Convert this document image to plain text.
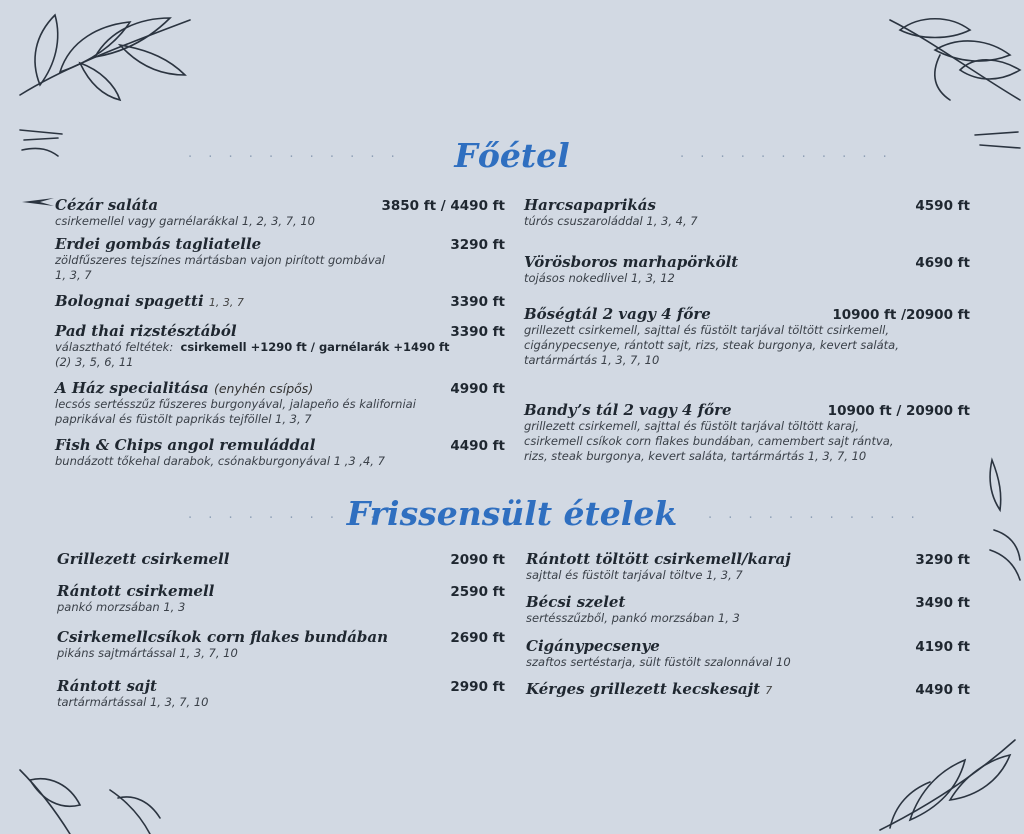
· · · · · · · · · · ·	Főétel	· · · · · · · · · · ·
Cézár saláta	3850 ft / 4490 ft
csirkemellel vagy garnélarákkal 1, 2, 3, 7, 10
Erdei gombás tagliatelle	3290 ft
zöldfűszeres tejszínes mártásban vajon pirított gombával
1, 3, 7
Bolognai spagetti 1, 3, 7	3390 ft
Pad thai rizstésztából	3390 ft
választható feltétek: csirkemell +1290 ft / garnélarák +1490 ft
(2) 3, 5, 6, 11
A Ház specialitása (enyhén csípős)	4990 ft
lecsós sertésszűz fűszeres burgonyával, jalapeño és kaliforniai
paprikával és füstölt paprikás tejföllel 1, 3, 7
Fish & Chips angol remuláddal	4490 ft
bundázott tőkehal darabok, csónakburgonyával 1 ,3 ,4, 7
Harcsapaprikás	4590 ft
túrós csuszaroláddal 1, 3, 4, 7
Vörösboros marhapörkölt	4690 ft
tojásos nokedlivel 1, 3, 12
Bőségtál 2 vagy 4 főre	10900 ft /20900 ft
grillezett csirkemell, sajttal és füstölt tarjával töltött csirkemell,
cigánypecsenye, rántott sajt, rizs, steak burgonya, kevert saláta,
tartármártás 1, 3, 7, 10
Bandy’s tál 2 vagy 4 főre	10900 ft / 20900 ft
grillezett csirkemell, sajttal és füstölt tarjával töltött karaj,
csirkemell csíkok corn flakes bundában, camembert sajt rántva,
rizs, steak burgonya, kevert saláta, tartármártás 1, 3, 7, 10
· · · · · · · · · · ·
Frissensült ételek	· · · · · · · · · · ·
Grillezett csirkemell	2090 ft
Rántott csirkemell	2590 ft
pankó morzsában 1, 3
Csirkemellcsíkok corn flakes bundában	2690 ft
pikáns sajtmártással 1, 3, 7, 10
Rántott sajt	2990 ft
tartármártással 1, 3, 7, 10
Rántott töltött csirkemell/karaj	3290 ft
sajttal és füstölt tarjával töltve 1, 3, 7
Bécsi szelet	3490 ft
sertésszűzből, pankó morzsában 1, 3
Cigánypecsenye	4190 ft
szaftos sertéstarja, sült füstölt szalonnával 10
Kérges grillezett kecskesajt 7	4490 ft
